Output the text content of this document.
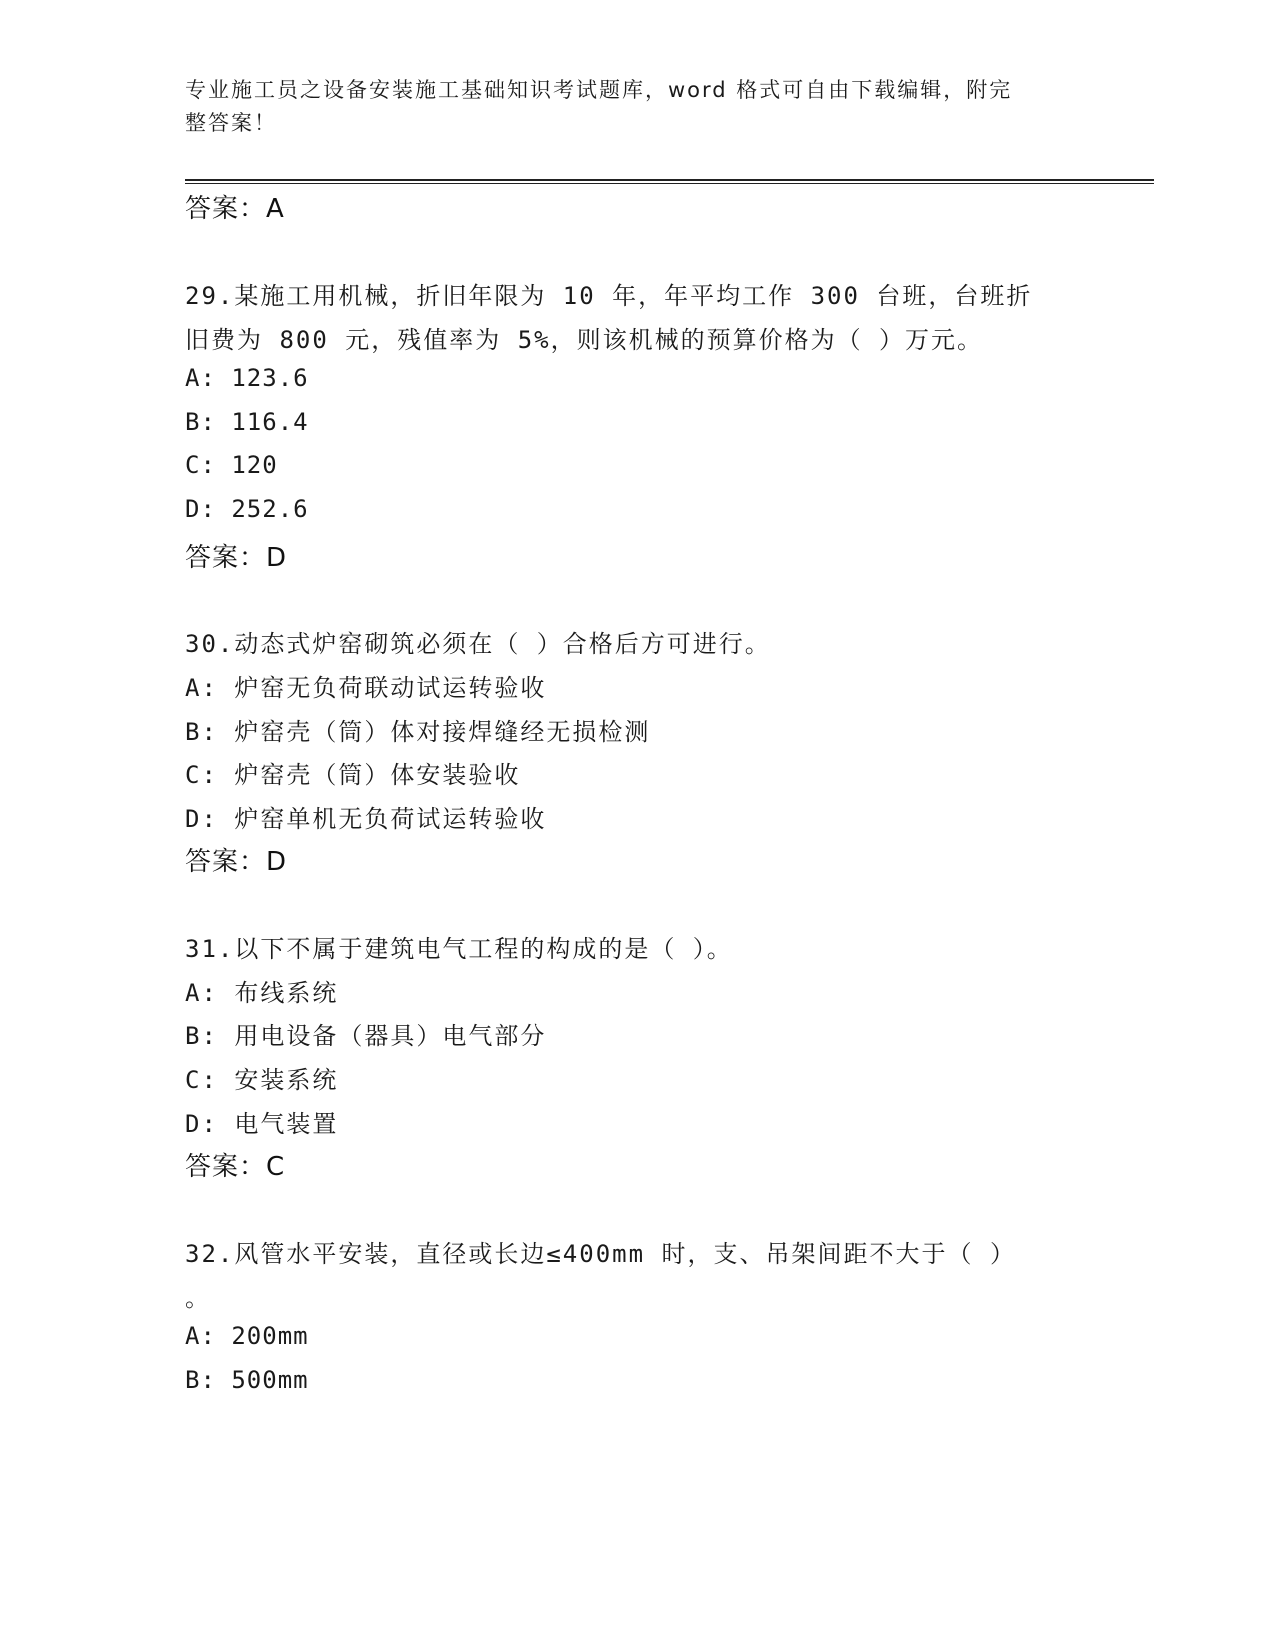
专业施工员之设备安装施工基础知识考试题库，word 格式可自由下载编辑，附完
整答案！
答案：A
29.某施工用机械，折旧年限为 10 年，年平均工作 300 台班，台班折
旧费为 800 元，残值率为 5%，则该机械的预算价格为（ ）万元。
A: 123.6
B: 116.4
C: 120
D: 252.6
答案：D
30.动态式炉窑砌筑必须在（ ）合格后方可进行。
A: 炉窑无负荷联动试运转验收
B: 炉窑壳（筒）体对接焊缝经无损检测
C: 炉窑壳（筒）体安装验收
D: 炉窑单机无负荷试运转验收
答案：D
31.以下不属于建筑电气工程的构成的是（ ）。
A: 布线系统
B: 用电设备（器具）电气部分
C: 安装系统
D: 电气装置
答案：C
32.风管水平安装，直径或长边≤400mm 时，支、吊架间距不大于（ ）
。
A: 200mm
B: 500mm
